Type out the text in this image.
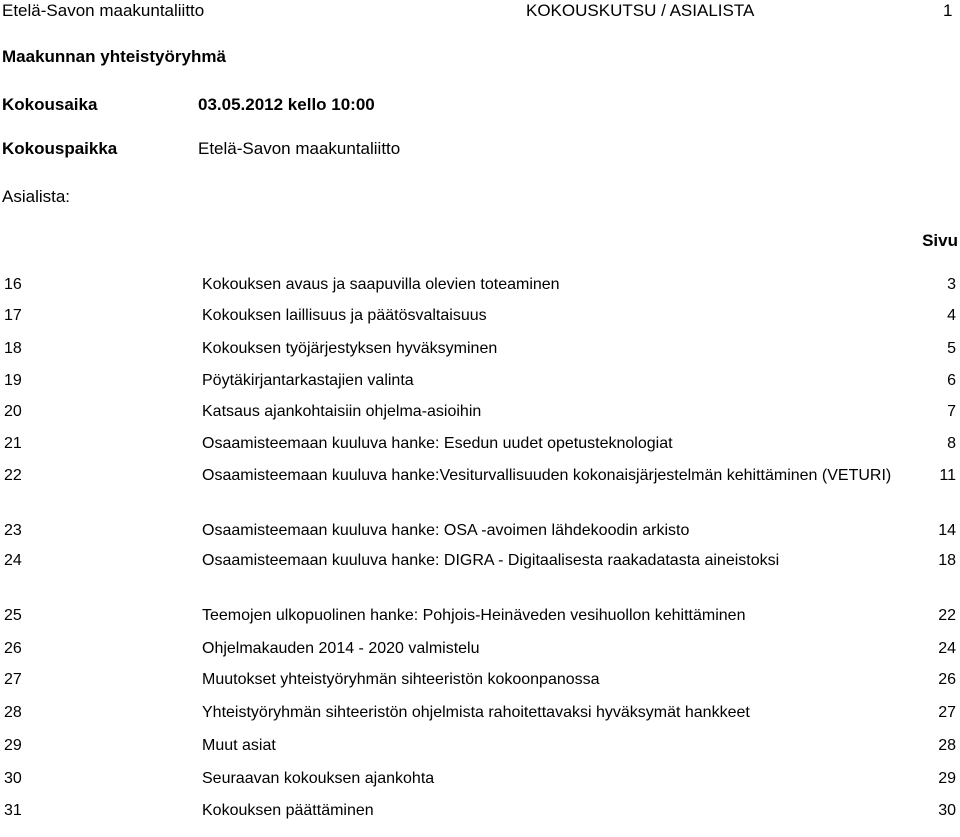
Etelä-Savon maakuntaliitto	KOKOUSKUTSU / ASIALISTA	1
Maakunnan yhteistyöryhmä
Kokousaika	03.05.2012 kello 10:00
Kokouspaikka	Etelä-Savon maakuntaliitto
Asialista:
Sivu
16	Kokouksen avaus ja saapuvilla olevien toteaminen	3
17	Kokouksen laillisuus ja päätösvaltaisuus	4
18	Kokouksen työjärjestyksen hyväksyminen	5
19	Pöytäkirjantarkastajien valinta	6
20	Katsaus ajankohtaisiin ohjelma-asioihin	7
21	Osaamisteemaan kuuluva hanke: Esedun uudet opetusteknologiat	8
22	Osaamisteemaan kuuluva hanke:Vesiturvallisuuden kokonaisjärjestelmän kehittäminen (VETURI)	11
23	Osaamisteemaan kuuluva hanke: OSA -avoimen lähdekoodin arkisto	14
24	Osaamisteemaan kuuluva hanke: DIGRA - Digitaalisesta raakadatasta aineistoksi	18
25	Teemojen ulkopuolinen hanke: Pohjois-Heinäveden vesihuollon kehittäminen	22
26	Ohjelmakauden 2014 - 2020 valmistelu	24
27	Muutokset yhteistyöryhmän sihteeristön kokoonpanossa	26
28	Yhteistyöryhmän sihteeristön ohjelmista rahoitettavaksi hyväksymät hankkeet	27
29	Muut asiat	28
30	Seuraavan kokouksen ajankohta	29
31	Kokouksen päättäminen	30
